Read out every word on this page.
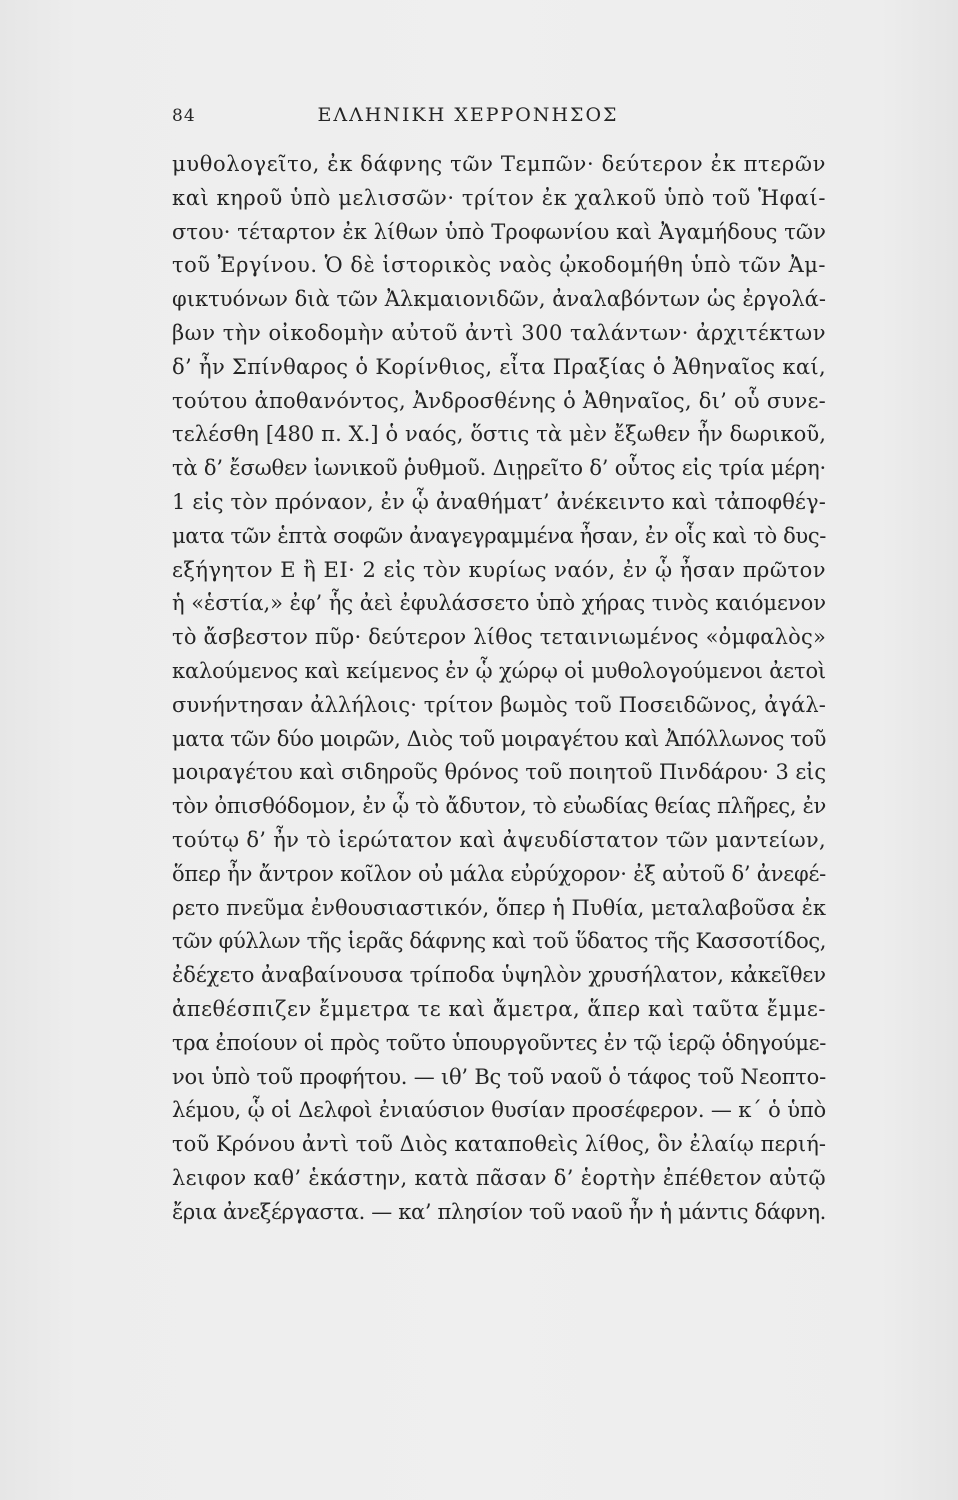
84	ΕΛΛΗΝΙΚΗ ΧΕΡΡΟΝΗΣΟΣ
μυθολογεῖτο, ἐκ δάφνης τῶν Τεμπῶν· δεύτερον ἐκ πτερῶν
καὶ κηροῦ ὑπὸ μελισσῶν· τρίτον ἐκ χαλκοῦ ὑπὸ τοῦ Ἡφαί-
στου· τέταρτον ἐκ λίθων ὑπὸ Τροφωνίου καὶ Ἀγαμήδους τῶν
τοῦ Ἐργίνου. Ὁ δὲ ἱστορικὸς ναὸς ᾠκοδομήθη ὑπὸ τῶν Ἀμ-
φικτυόνων διὰ τῶν Ἀλκμαιονιδῶν, ἀναλαβόντων ὡς ἐργολά-
βων τὴν οἰκοδομὴν αὐτοῦ ἀντὶ 300 ταλάντων· ἀρχιτέκτων
δ’ ἦν Σπίνθαρος ὁ Κορίνθιος, εἶτα Πραξίας ὁ Ἀθηναῖος καί,
τούτου ἀποθανόντος, Ἀνδροσθένης ὁ Ἀθηναῖος, δι’ οὗ συνε-
τελέσθη [480 π. Χ.] ὁ ναός, ὅστις τὰ μὲν ἔξωθεν ἦν δωρικοῦ,
τὰ δ’ ἔσωθεν ἰωνικοῦ ῥυθμοῦ. Διῃρεῖτο δ’ οὗτος εἰς τρία μέρη·
1 εἰς τὸν πρόναον, ἐν ᾧ ἀναθήματ’ ἀνέκειντο καὶ τἀποφθέγ-
ματα τῶν ἑπτὰ σοφῶν ἀναγεγραμμένα ἦσαν, ἐν οἷς καὶ τὸ δυς-
εξήγητον Ε ἢ ΕΙ· 2 εἰς τὸν κυρίως ναόν, ἐν ᾧ ἦσαν πρῶτον
ἡ «ἑστία,» ἐφ’ ἧς ἀεὶ ἐφυλάσσετο ὑπὸ χήρας τινὸς καιόμενον
τὸ ἄσβεστον πῦρ· δεύτερον λίθος τεταινιωμένος «ὀμφαλὸς»
καλούμενος καὶ κείμενος ἐν ᾧ χώρῳ οἱ μυθολογούμενοι ἀετοὶ
συνήντησαν ἀλλήλοις· τρίτον βωμὸς τοῦ Ποσειδῶνος, ἀγάλ-
ματα τῶν δύο μοιρῶν, Διὸς τοῦ μοιραγέτου καὶ Ἀπόλλωνος τοῦ
μοιραγέτου καὶ σιδηροῦς θρόνος τοῦ ποιητοῦ Πινδάρου· 3 εἰς
τὸν ὀπισθόδομον, ἐν ᾧ τὸ ἄδυτον, τὸ εὐωδίας θείας πλῆρες, ἐν
τούτῳ δ’ ἦν τὸ ἱερώτατον καὶ ἀψευδίστατον τῶν μαντείων,
ὅπερ ἦν ἄντρον κοῖλον οὐ μάλα εὐρύχορον· ἐξ αὐτοῦ δ’ ἀνεφέ-
ρετο πνεῦμα ἐνθουσιαστικόν, ὅπερ ἡ Πυθία, μεταλαβοῦσα ἐκ
τῶν φύλλων τῆς ἱερᾶς δάφνης καὶ τοῦ ὕδατος τῆς Κασσοτίδος,
ἐδέχετο ἀναβαίνουσα τρίποδα ὑψηλὸν χρυσήλατον, κἀκεῖθεν
ἀπεθέσπιζεν ἔμμετρα τε καὶ ἄμετρα, ἅπερ καὶ ταῦτα ἔμμε-
τρα ἐποίουν οἱ πρὸς τοῦτο ὑπουργοῦντες ἐν τῷ ἱερῷ ὁδηγούμε-
νοι ὑπὸ τοῦ προφήτου. — ιθ’ Βς τοῦ ναοῦ ὁ τάφος τοῦ Νεοπτο-
λέμου, ᾧ οἱ Δελφοὶ ἐνιαύσιον θυσίαν προσέφερον. — κ΄ ὁ ὑπὸ
τοῦ Κρόνου ἀντὶ τοῦ Διὸς καταποθεὶς λίθος, ὃν ἐλαίῳ περιή-
λειφον καθ’ ἑκάστην, κατὰ πᾶσαν δ’ ἑορτὴν ἐπέθετον αὐτῷ
ἔρια ἀνεξέργαστα. — κα’ πλησίον τοῦ ναοῦ ἦν ἡ μάντις δάφνη.
